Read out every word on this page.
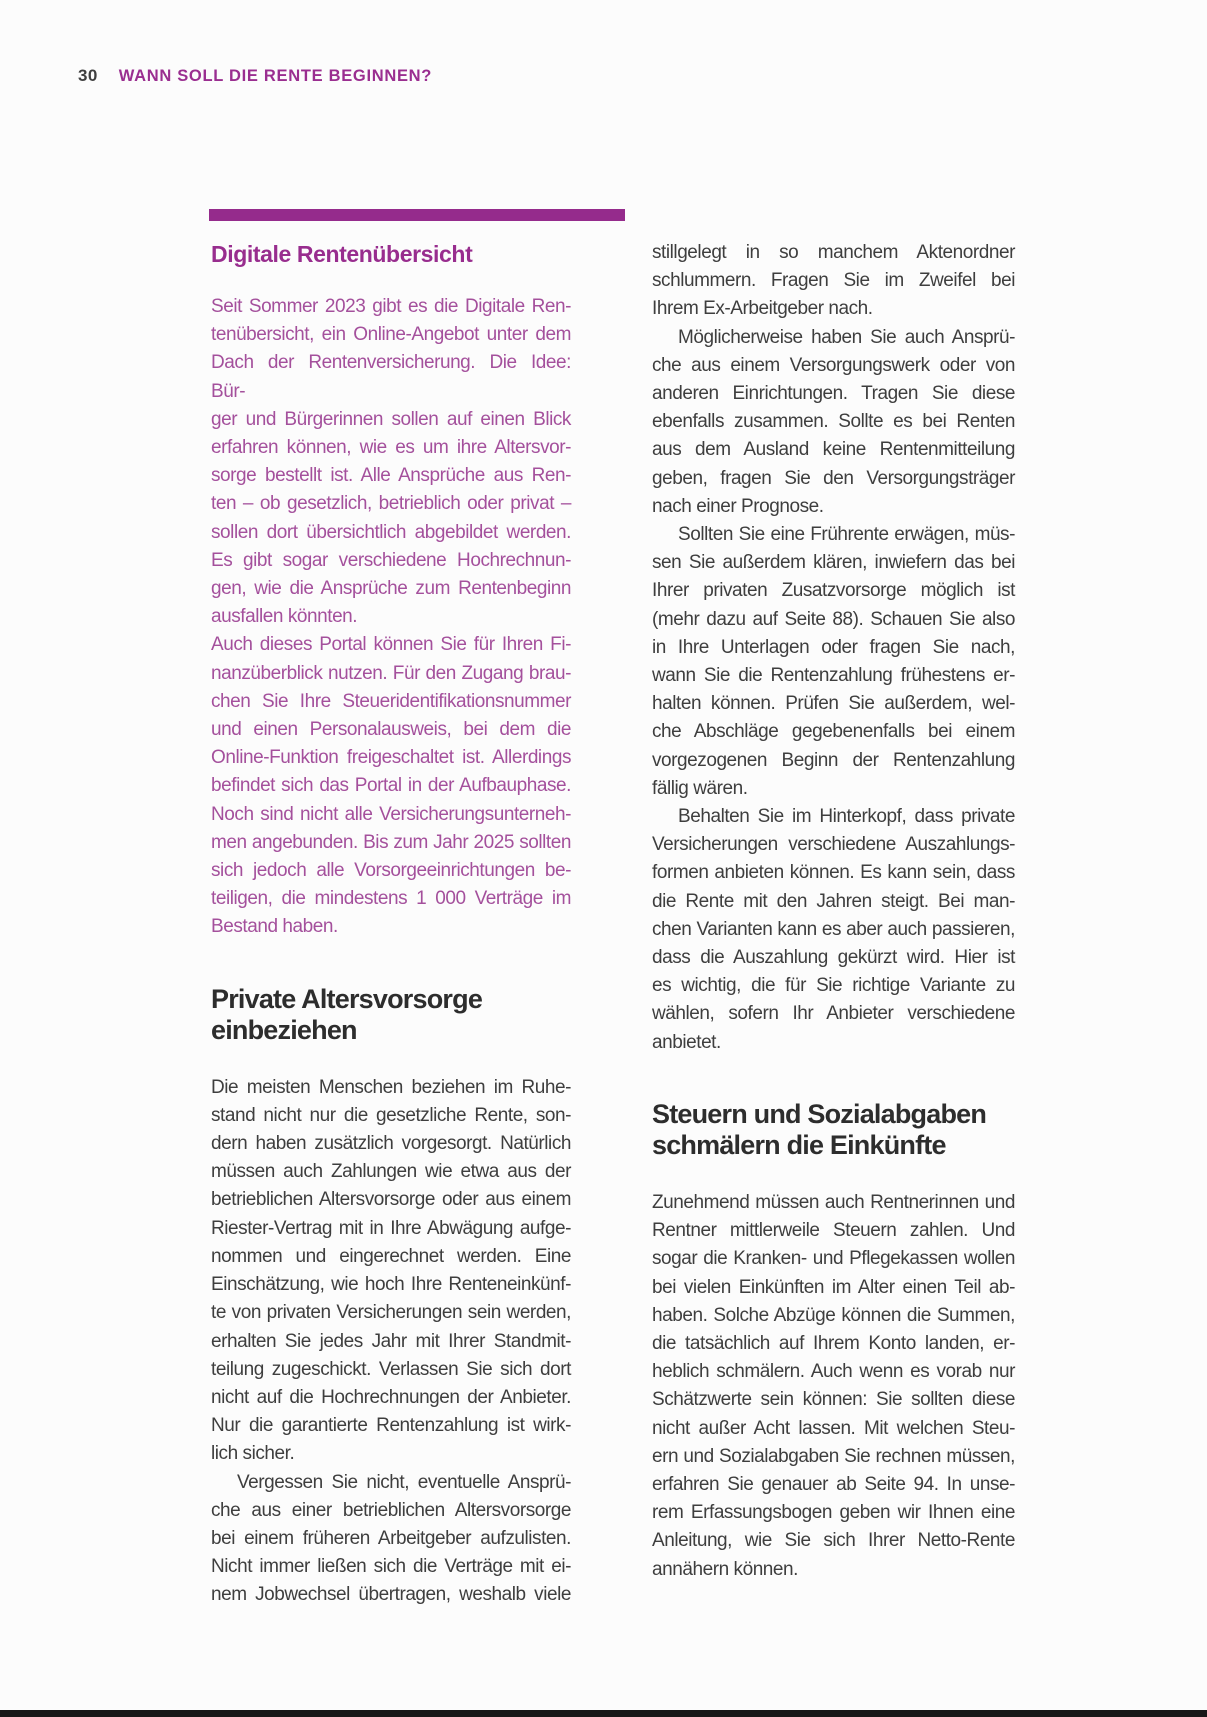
30 WANN SOLL DIE RENTE BEGINNEN?
Digitale Rentenübersicht
Seit Sommer 2023 gibt es die Digitale Ren-
tenübersicht, ein Online-Angebot unter dem
Dach der Rentenversicherung. Die Idee: Bür-
ger und Bürgerinnen sollen auf einen Blick
erfahren können, wie es um ihre Altersvor-
sorge bestellt ist. Alle Ansprüche aus Ren-
ten – ob gesetzlich, betrieblich oder privat –
sollen dort übersichtlich abgebildet werden.
Es gibt sogar verschiedene Hochrechnun-
gen, wie die Ansprüche zum Rentenbeginn
ausfallen könnten.
Auch dieses Portal können Sie für Ihren Fi-
nanzüberblick nutzen. Für den Zugang brau-
chen Sie Ihre Steueridentifikationsnummer
und einen Personalausweis, bei dem die
Online-Funktion freigeschaltet ist. Allerdings
befindet sich das Portal in der Aufbauphase.
Noch sind nicht alle Versicherungsunterneh-
men angebunden. Bis zum Jahr 2025 sollten
sich jedoch alle Vorsorgeeinrichtungen be-
teiligen, die mindestens 1 000 Verträge im
Bestand haben.
Private Altersvorsorge
einbeziehen
Die meisten Menschen beziehen im Ruhe-
stand nicht nur die gesetzliche Rente, son-
dern haben zusätzlich vorgesorgt. Natürlich
müssen auch Zahlungen wie etwa aus der
betrieblichen Altersvorsorge oder aus einem
Riester-Vertrag mit in Ihre Abwägung aufge-
nommen und eingerechnet werden. Eine
Einschätzung, wie hoch Ihre Renteneinkünf-
te von privaten Versicherungen sein werden,
erhalten Sie jedes Jahr mit Ihrer Standmit-
teilung zugeschickt. Verlassen Sie sich dort
nicht auf die Hochrechnungen der Anbieter.
Nur die garantierte Rentenzahlung ist wirk-
lich sicher.
Vergessen Sie nicht, eventuelle Ansprü-
che aus einer betrieblichen Altersvorsorge
bei einem früheren Arbeitgeber aufzulisten.
Nicht immer ließen sich die Verträge mit ei-
nem Jobwechsel übertragen, weshalb viele
stillgelegt in so manchem Aktenordner
schlummern. Fragen Sie im Zweifel bei
Ihrem Ex-Arbeitgeber nach.
Möglicherweise haben Sie auch Ansprü-
che aus einem Versorgungswerk oder von
anderen Einrichtungen. Tragen Sie diese
ebenfalls zusammen. Sollte es bei Renten
aus dem Ausland keine Rentenmitteilung
geben, fragen Sie den Versorgungsträger
nach einer Prognose.
Sollten Sie eine Frührente erwägen, müs-
sen Sie außerdem klären, inwiefern das bei
Ihrer privaten Zusatzvorsorge möglich ist
(mehr dazu auf Seite 88). Schauen Sie also
in Ihre Unterlagen oder fragen Sie nach,
wann Sie die Rentenzahlung frühestens er-
halten können. Prüfen Sie außerdem, wel-
che Abschläge gegebenenfalls bei einem
vorgezogenen Beginn der Rentenzahlung
fällig wären.
Behalten Sie im Hinterkopf, dass private
Versicherungen verschiedene Auszahlungs-
formen anbieten können. Es kann sein, dass
die Rente mit den Jahren steigt. Bei man-
chen Varianten kann es aber auch passieren,
dass die Auszahlung gekürzt wird. Hier ist
es wichtig, die für Sie richtige Variante zu
wählen, sofern Ihr Anbieter verschiedene
anbietet.
Steuern und Sozialabgaben
schmälern die Einkünfte
Zunehmend müssen auch Rentnerinnen und
Rentner mittlerweile Steuern zahlen. Und
sogar die Kranken- und Pflegekassen wollen
bei vielen Einkünften im Alter einen Teil ab-
haben. Solche Abzüge können die Summen,
die tatsächlich auf Ihrem Konto landen, er-
heblich schmälern. Auch wenn es vorab nur
Schätzwerte sein können: Sie sollten diese
nicht außer Acht lassen. Mit welchen Steu-
ern und Sozialabgaben Sie rechnen müssen,
erfahren Sie genauer ab Seite 94. In unse-
rem Erfassungsbogen geben wir Ihnen eine
Anleitung, wie Sie sich Ihrer Netto-Rente
annähern können.
